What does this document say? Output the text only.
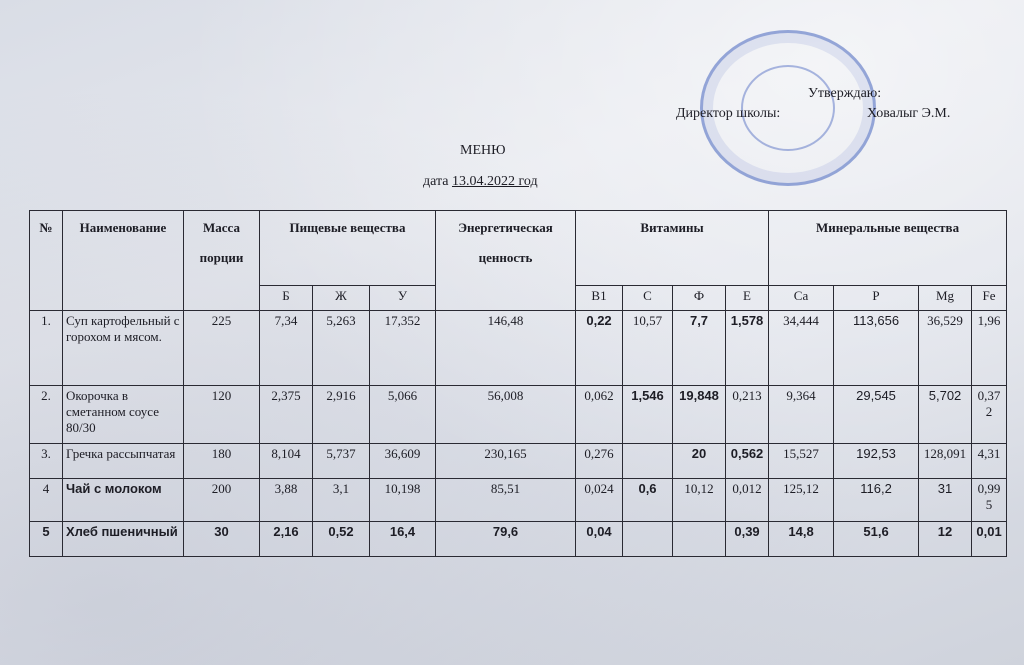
Утверждаю:
Директор школы:	Ховалыг Э.М.
МЕНЮ
дата 13.04.2022 год
№	Наименование	Масса порции	Пищевые вещества			Энергетическая ценность	Витамины				Минеральные вещества			
			Б	Ж	У		B1	С	Ф	Е	Ca	P	Mg	Fe
1.	Суп картофельный с горохом и мясом.	225	7,34	5,263	17,352	146,48	0,22	10,57	7,7	1,578	34,444	113,656	36,529	1,96
2.	Окорочка в сметанном соусе 80/30	120	2,375	2,916	5,066	56,008	0,062	1,546	19,848	0,213	9,364	29,545	5,702	0,372
3.	Гречка рассыпчатая	180	8,104	5,737	36,609	230,165	0,276		20	0,562	15,527	192,53	128,091	4,31
4	Чай с молоком	200	3,88	3,1	10,198	85,51	0,024	0,6	10,12	0,012	125,12	116,2	31	0,995
5	Хлеб пшеничный	30	2,16	0,52	16,4	79,6	0,04			0,39	14,8	51,6	12	0,01
